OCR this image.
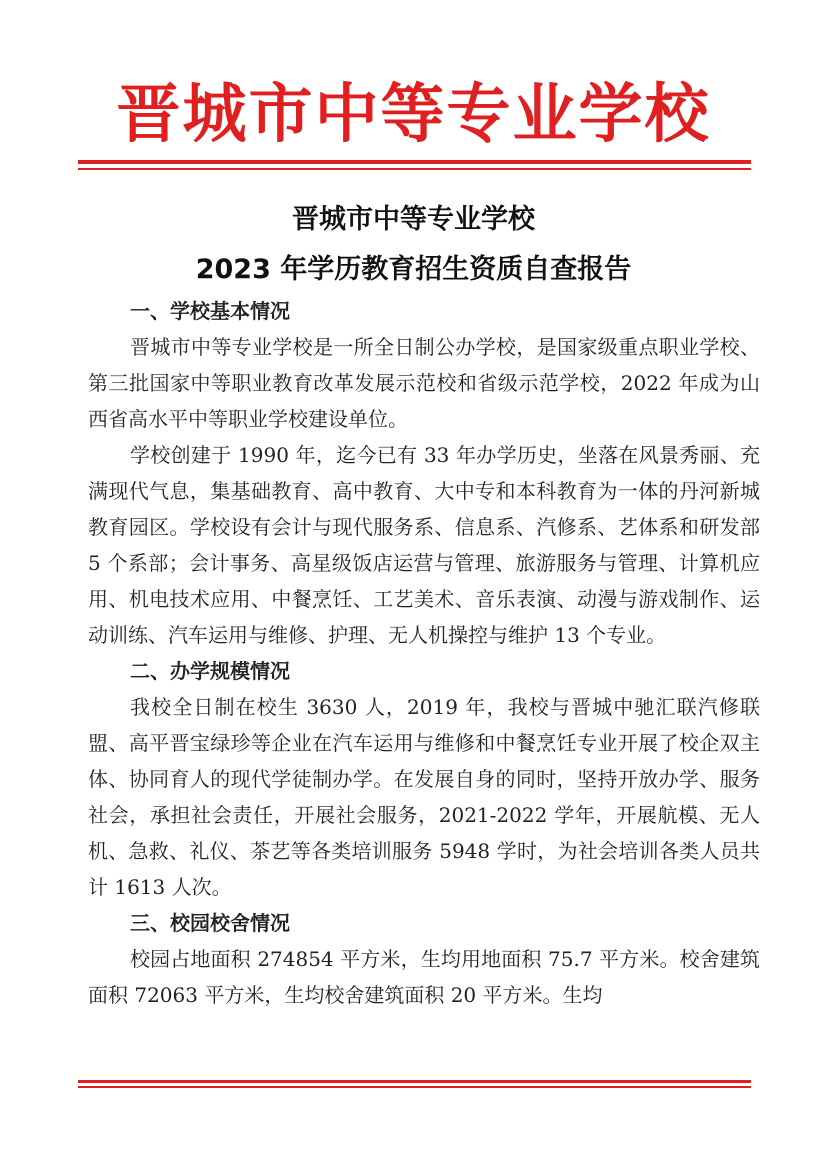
晋城市中等专业学校
晋城市中等专业学校
2023 年学历教育招生资质自查报告
一、学校基本情况

晋城市中等专业学校是一所全日制公办学校，是国家级重点职业学校、第三批国家中等职业教育改革发展示范校和省级示范学校，2022 年成为山西省高水平中等职业学校建设单位。

学校创建于 1990 年，迄今已有 33 年办学历史，坐落在风景秀丽、充满现代气息，集基础教育、高中教育、大中专和本科教育为一体的丹河新城教育园区。学校设有会计与现代服务系、信息系、汽修系、艺体系和研发部 5 个系部；会计事务、高星级饭店运营与管理、旅游服务与管理、计算机应用、机电技术应用、中餐烹饪、工艺美术、音乐表演、动漫与游戏制作、运动训练、汽车运用与维修、护理、无人机操控与维护 13 个专业。

二、办学规模情况

我校全日制在校生 3630 人，2019 年，我校与晋城中驰汇联汽修联盟、高平晋宝绿珍等企业在汽车运用与维修和中餐烹饪专业开展了校企双主体、协同育人的现代学徒制办学。在发展自身的同时，坚持开放办学、服务社会，承担社会责任，开展社会服务，2021-2022 学年，开展航模、无人机、急救、礼仪、茶艺等各类培训服务 5948 学时，为社会培训各类人员共计 1613 人次。

三、校园校舍情况

校园占地面积 274854 平方米，生均用地面积 75.7 平方米。校舍建筑面积 72063 平方米，生均校舍建筑面积 20 平方米。生均
